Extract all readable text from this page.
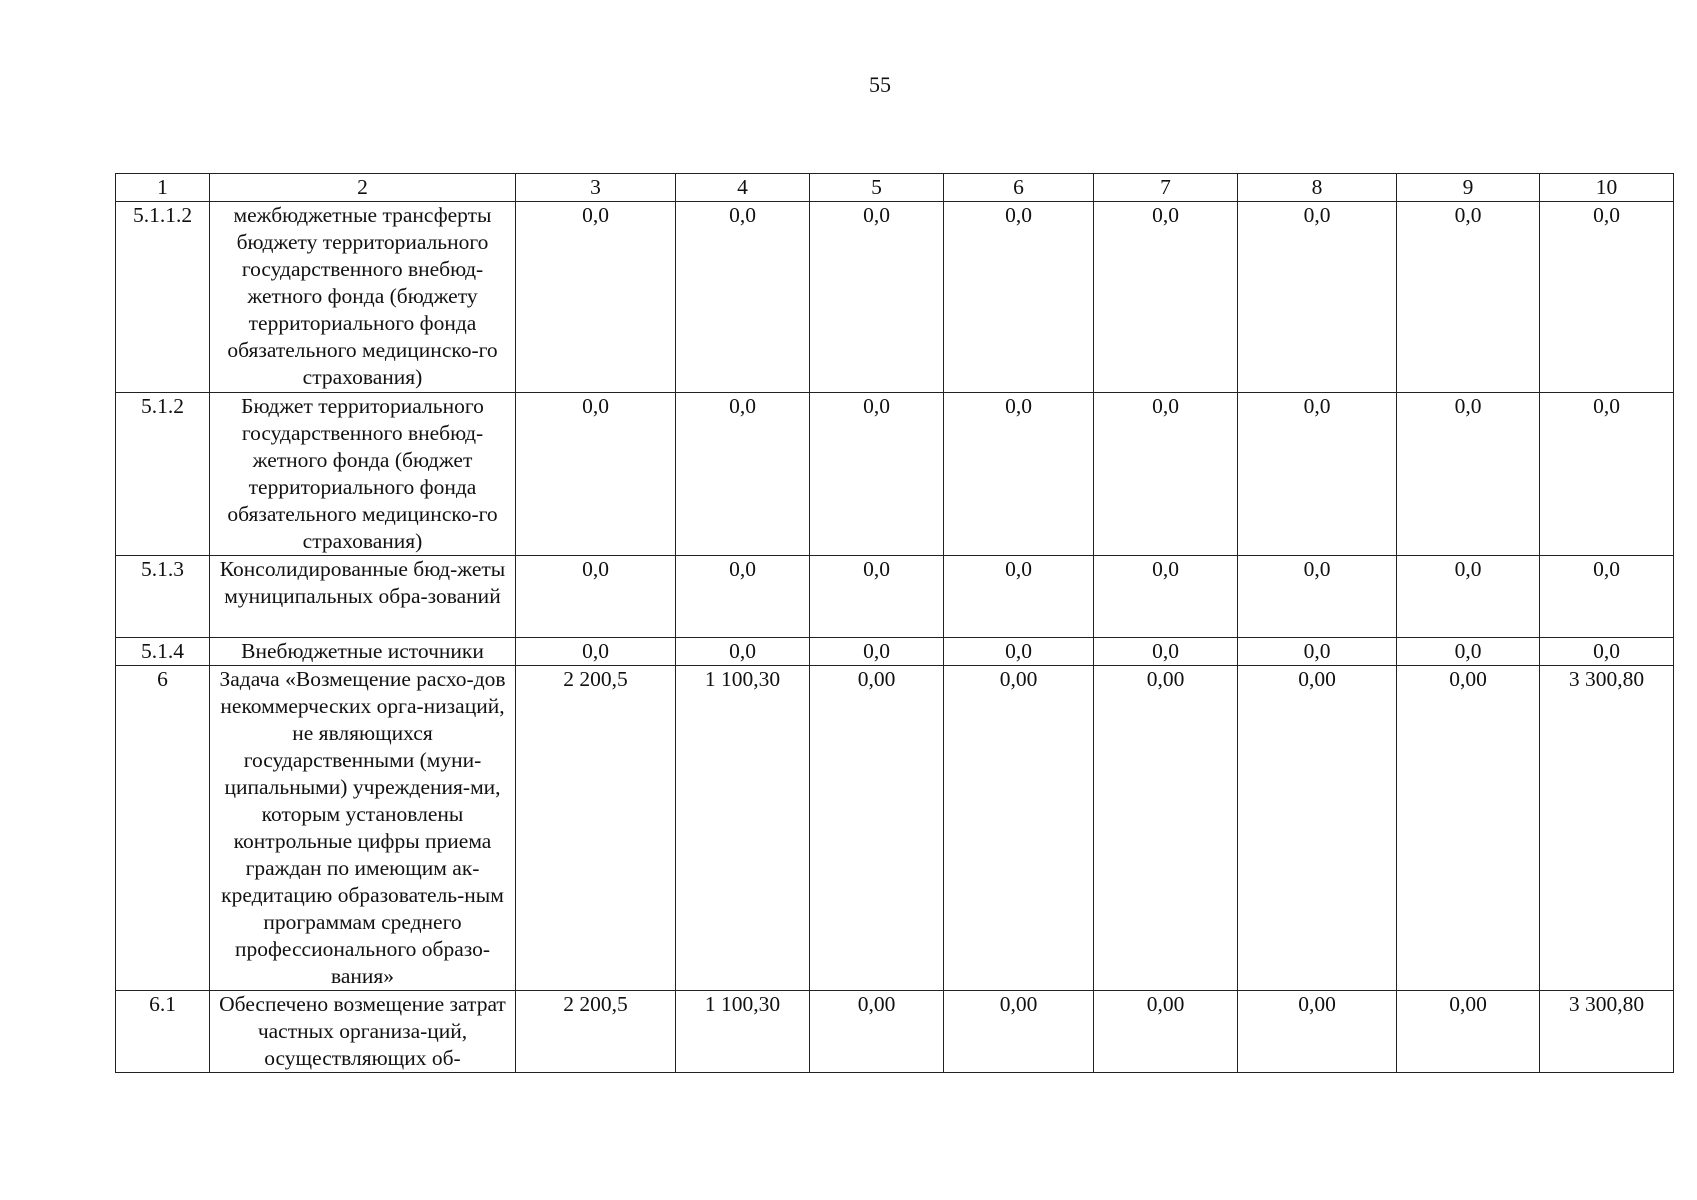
55
1	2	3	4	5	6	7	8	9	10
5.1.1.2	межбюджетные трансферты бюджету территориального государственного внебюд-жетного фонда (бюджету территориального фонда обязательного медицинско-го страхования)	0,0	0,0	0,0	0,0	0,0	0,0	0,0	0,0
5.1.2	Бюджет территориального государственного внебюд-жетного фонда (бюджет территориального фонда обязательного медицинско-го страхования)	0,0	0,0	0,0	0,0	0,0	0,0	0,0	0,0
5.1.3	Консолидированные бюд-жеты муниципальных обра-зований	0,0	0,0	0,0	0,0	0,0	0,0	0,0	0,0
5.1.4	Внебюджетные источники	0,0	0,0	0,0	0,0	0,0	0,0	0,0	0,0
6	Задача «Возмещение расхо-дов некоммерческих орга-низаций, не являющихся государственными (муни-ципальными) учреждения-ми, которым установлены контрольные цифры приема граждан по имеющим ак-кредитацию образователь-ным программам среднего профессионального образо-вания»	2 200,5	1 100,30	0,00	0,00	0,00	0,00	0,00	3 300,80
6.1	Обеспечено возмещение затрат частных организа-ций, осуществляющих об-	2 200,5	1 100,30	0,00	0,00	0,00	0,00	0,00	3 300,80
